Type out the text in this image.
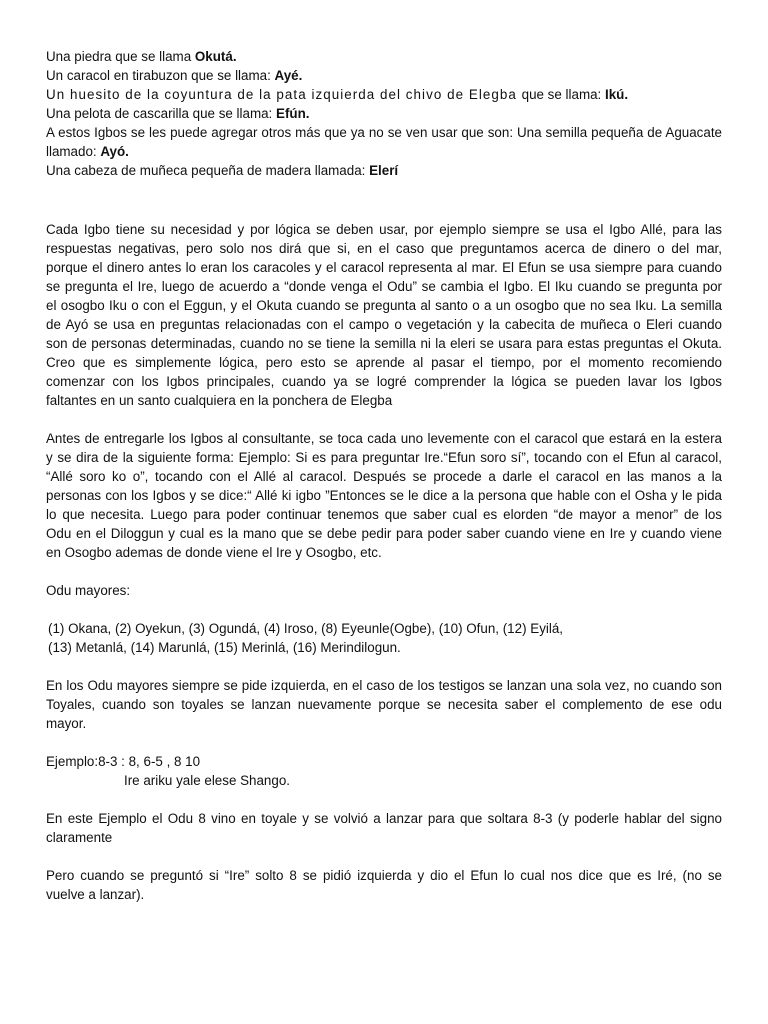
Una piedra que se llama Okutá.
Un caracol en tirabuzon que se llama: Ayé.
Un huesito de la coyuntura de la pata izquierda del chivo de Elegba que se llama: Ikú.
Una pelota de cascarilla que se llama: Efún.
A estos Igbos se les puede agregar otros más que ya no se ven usar que son: Una semilla pequeña de Aguacate
llamado: Ayó.
Una cabeza de muñeca pequeña de madera llamada: Elerí
Cada Igbo tiene su necesidad y por lógica se deben usar, por ejemplo siempre se usa el Igbo Allé, para las
respuestas negativas, pero solo nos dirá que si, en el caso que preguntamos acerca de dinero o del mar,
porque el dinero antes lo eran los caracoles y el caracol representa al mar. El Efun se usa siempre para cuando
se pregunta el Ire, luego de acuerdo a “donde venga el Odu” se cambia el Igbo. El Iku cuando se pregunta por
el osogbo Iku o con el Eggun, y el Okuta cuando se pregunta al santo o a un osogbo que no sea Iku. La semilla
de Ayó se usa en preguntas relacionadas con el campo o vegetación y la cabecita de muñeca o Eleri cuando
son de personas determinadas, cuando no se tiene la semilla ni la eleri se usara para estas preguntas el Okuta.
Creo que es simplemente lógica, pero esto se aprende al pasar el tiempo, por el momento recomiendo
comenzar con los Igbos principales, cuando ya se logré comprender la lógica se pueden lavar los Igbos
faltantes en un santo cualquiera en la ponchera de Elegba
Antes de entregarle los Igbos al consultante, se toca cada uno levemente con el caracol que estará en la estera
y se dira de la siguiente forma: Ejemplo: Si es para preguntar Ire.“Efun soro sí”, tocando con el Efun al caracol,
“Allé soro ko o”, tocando con el Allé al caracol. Después se procede a darle el caracol en las manos a la
personas con los Igbos y se dice:“ Allé ki igbo ”Entonces se le dice a la persona que hable con el Osha y le pida
lo que necesita. Luego para poder continuar tenemos que saber cual es elorden “de mayor a menor” de los
Odu en el Diloggun y cual es la mano que se debe pedir para poder saber cuando viene en Ire y cuando viene
en Osogbo ademas de donde viene el Ire y Osogbo, etc.
Odu mayores:
(1) Okana, (2) Oyekun, (3) Ogundá, (4) Iroso, (8) Eyeunle(Ogbe), (10) Ofun, (12) Eyilá,
(13) Metanlá, (14) Marunlá, (15) Merinlá, (16) Merindilogun.
En los Odu mayores siempre se pide izquierda, en el caso de los testigos se lanzan una sola vez, no cuando son
Toyales, cuando son toyales se lanzan nuevamente porque se necesita saber el complemento de ese odu
mayor.
Ejemplo:8-3 : 8, 6-5 , 8 10
Ire ariku yale elese Shango.
En este Ejemplo el Odu 8 vino en toyale y se volvió a lanzar para que soltara 8-3 (y poderle hablar del signo
claramente
Pero cuando se preguntó si “Ire” solto 8 se pidió izquierda y dio el Efun lo cual nos dice que es Iré, (no se
vuelve a lanzar).
